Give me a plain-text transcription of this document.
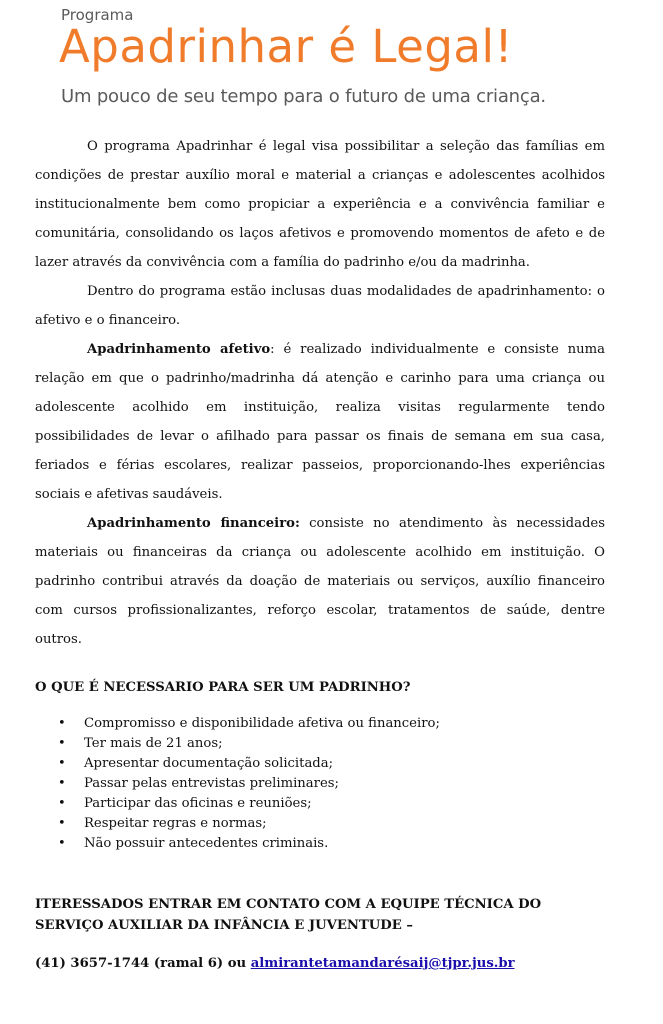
Programa
Apadrinhar é Legal!
Um pouco de seu tempo para o futuro de uma criança.

O programa Apadrinhar é legal visa possibilitar a seleção das famílias em condições de prestar auxílio moral e material a crianças e adolescentes acolhidos institucionalmente bem como propiciar a experiência e a convivência familiar e comunitária, consolidando os laços afetivos e promovendo momentos de afeto e de lazer através da convivência com a família do padrinho e/ou da madrinha.

Dentro do programa estão inclusas duas modalidades de apadrinhamento: o afetivo e o financeiro.

Apadrinhamento afetivo: é realizado individualmente e consiste numa relação em que o padrinho/madrinha dá atenção e carinho para uma criança ou adolescente acolhido em instituição, realiza visitas regularmente tendo possibilidades de levar o afilhado para passar os finais de semana em sua casa, feriados e férias escolares, realizar passeios, proporcionando-lhes experiências sociais e afetivas saudáveis.

Apadrinhamento financeiro: consiste no atendimento às necessidades materiais ou financeiras da criança ou adolescente acolhido em instituição. O padrinho contribui através da doação de materiais ou serviços, auxílio financeiro com cursos profissionalizantes, reforço escolar, tratamentos de saúde, dentre outros.

O QUE É NECESSARIO PARA SER UM PADRINHO?
• Compromisso e disponibilidade afetiva ou financeiro;
• Ter mais de 21 anos;
• Apresentar documentação solicitada;
• Passar pelas entrevistas preliminares;
• Participar das oficinas e reuniões;
• Respeitar regras e normas;
• Não possuir antecedentes criminais.
ITERESSADOS ENTRAR EM CONTATO COM A EQUIPE TÉCNICA DO SERVIÇO AUXILIAR DA INFÂNCIA E JUVENTUDE –
(41) 3657-1744 (ramal 6) ou almirantetamandarésaij@tjpr.jus.br
